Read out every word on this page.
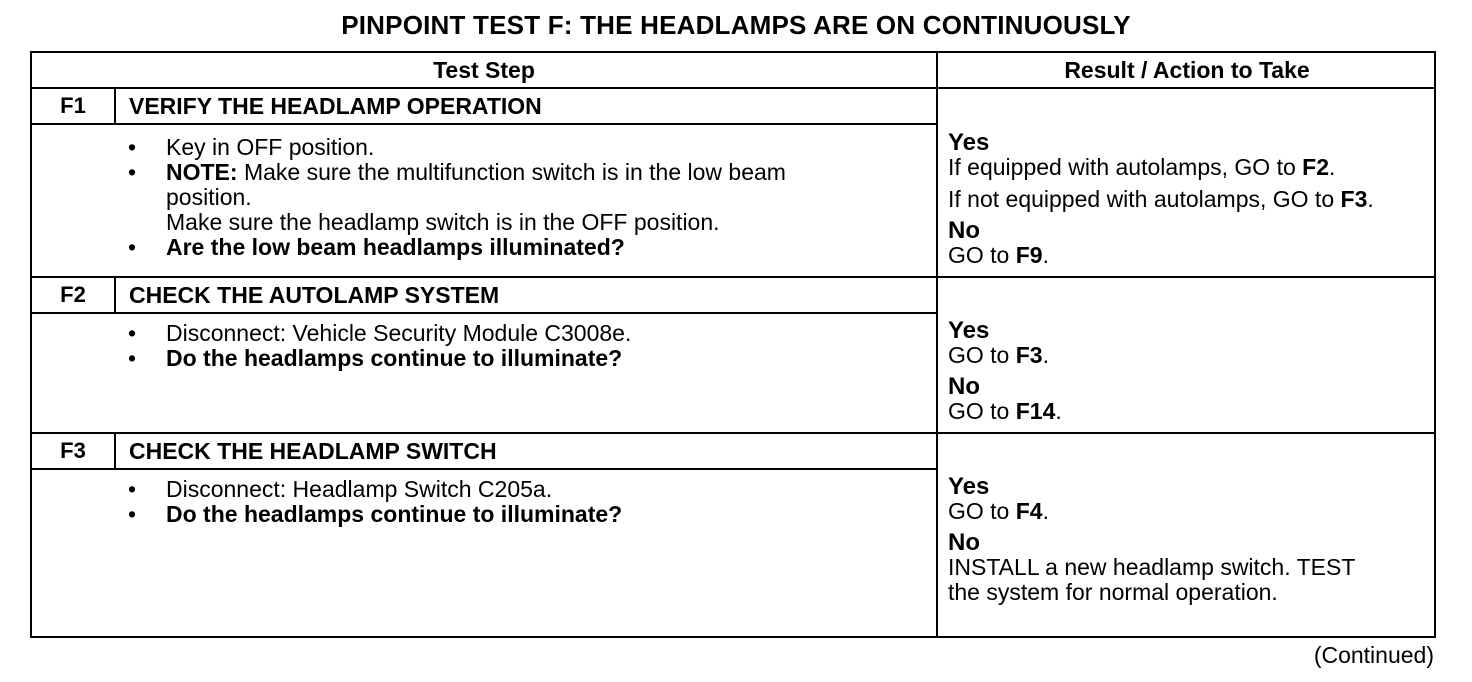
PINPOINT TEST F: THE HEADLAMPS ARE ON CONTINUOUSLY
Test Step	Result / Action to Take
F1	VERIFY THE HEADLAMP OPERATION
• Key in OFF position.
• NOTE: Make sure the multifunction switch is in the low beam
position.
Make sure the headlamp switch is in the OFF position.
• Are the low beam headlamps illuminated?
Yes
If equipped with autolamps, GO to F2.
If not equipped with autolamps, GO to F3.
No
GO to F9.
F2	CHECK THE AUTOLAMP SYSTEM
• Disconnect: Vehicle Security Module C3008e.
• Do the headlamps continue to illuminate?
Yes
GO to F3.
No
GO to F14.
F3	CHECK THE HEADLAMP SWITCH
• Disconnect: Headlamp Switch C205a.
• Do the headlamps continue to illuminate?
Yes
GO to F4.
No
INSTALL a new headlamp switch. TEST
the system for normal operation.
(Continued)
